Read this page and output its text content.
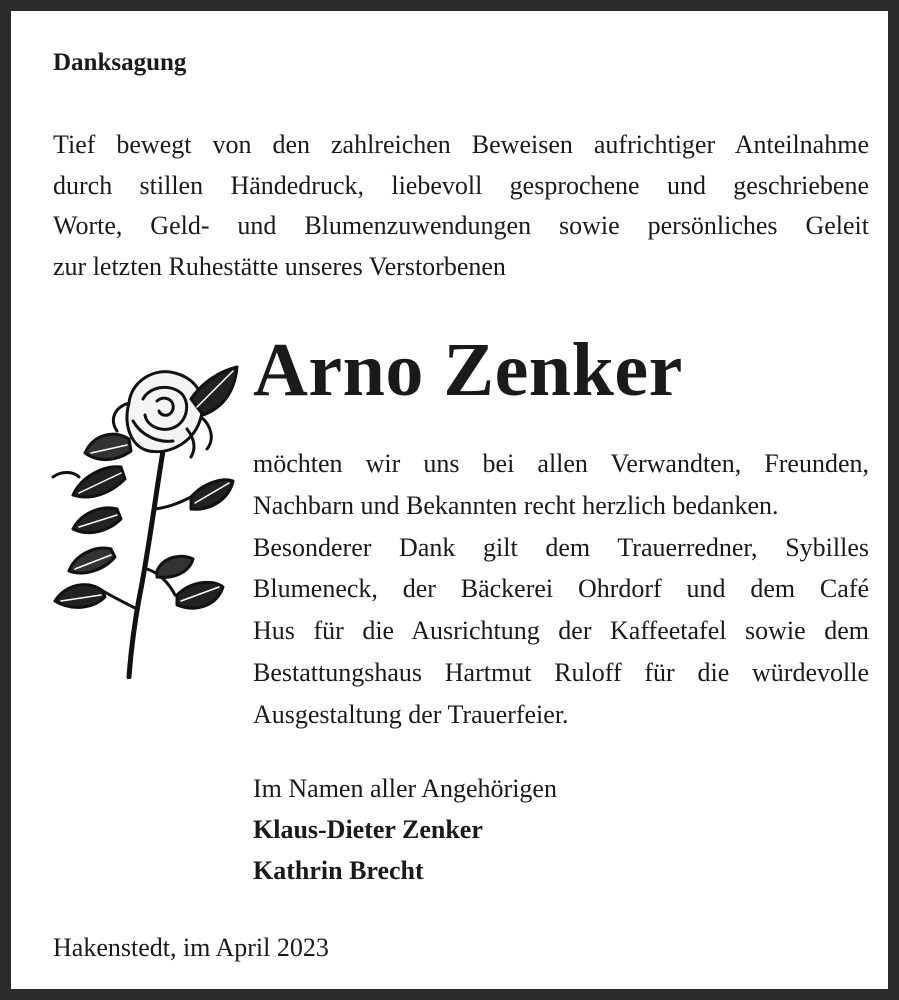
Danksagung

Tief bewegt von den zahlreichen Beweisen aufrichtiger Anteilnahme
durch stillen Händedruck, liebevoll gesprochene und geschriebene
Worte, Geld- und Blumenzuwendungen sowie persönliches Geleit
zur letzten Ruhestätte unseres Verstorbenen

Arno Zenker

möchten wir uns bei allen Verwandten, Freunden,
Nachbarn und Bekannten recht herzlich bedanken.
Besonderer Dank gilt dem Trauerredner, Sybilles
Blumeneck, der Bäckerei Ohrdorf und dem Café
Hus für die Ausrichtung der Kaffeetafel sowie dem
Bestattungshaus Hartmut Ruloff für die würdevolle
Ausgestaltung der Trauerfeier.

Im Namen aller Angehörigen
Klaus-Dieter Zenker
Kathrin Brecht

Hakenstedt, im April 2023
